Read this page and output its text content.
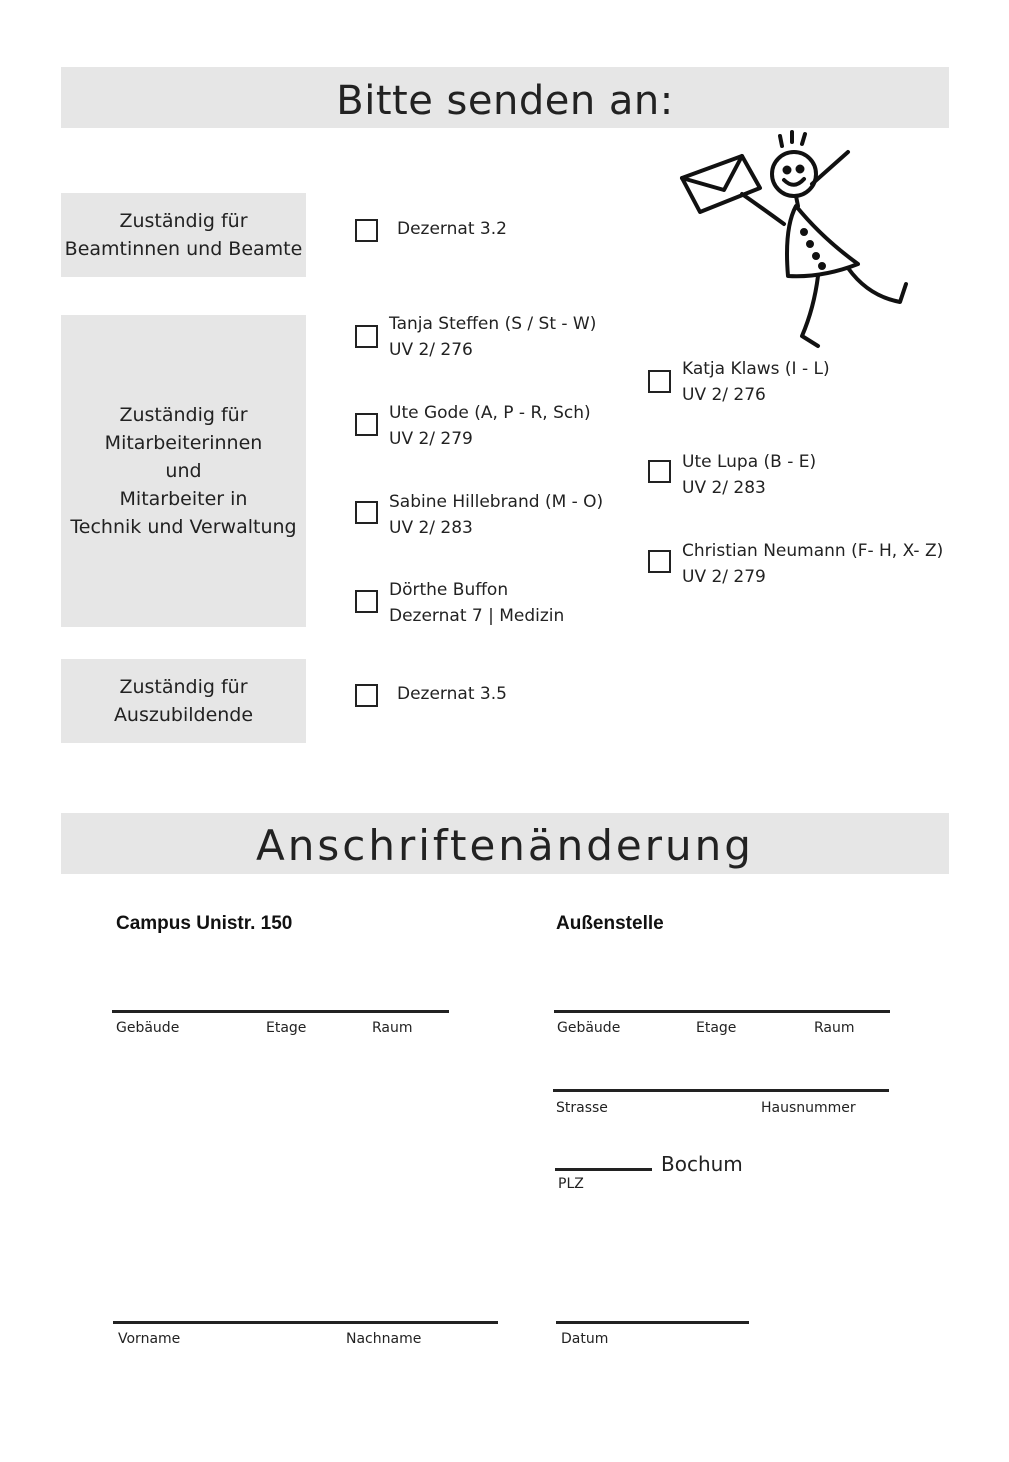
Bitte senden an:
Zuständig für
Beamtinnen und Beamte
Dezernat 3.2
Zuständig für
Mitarbeiterinnen
und
Mitarbeiter in
Technik und Verwaltung
Tanja Steffen (S / St - W)
UV 2/ 276
Ute Gode (A, P - R, Sch)
UV 2/ 279
Sabine Hillebrand (M - O)
UV 2/ 283
Dörthe Buffon
Dezernat 7 | Medizin
Katja Klaws (I - L)
UV 2/ 276
Ute Lupa (B - E)
UV 2/ 283
Christian Neumann (F- H, X- Z)
UV 2/ 279
Zuständig für
Auszubildende
Dezernat 3.5
Anschriftenänderung
Campus Unistr. 150
Gebäude	Etage	Raum
Außenstelle
Gebäude	Etage	Raum
Strasse	Hausnummer
Bochum
PLZ
Vorname	Nachname	Datum
